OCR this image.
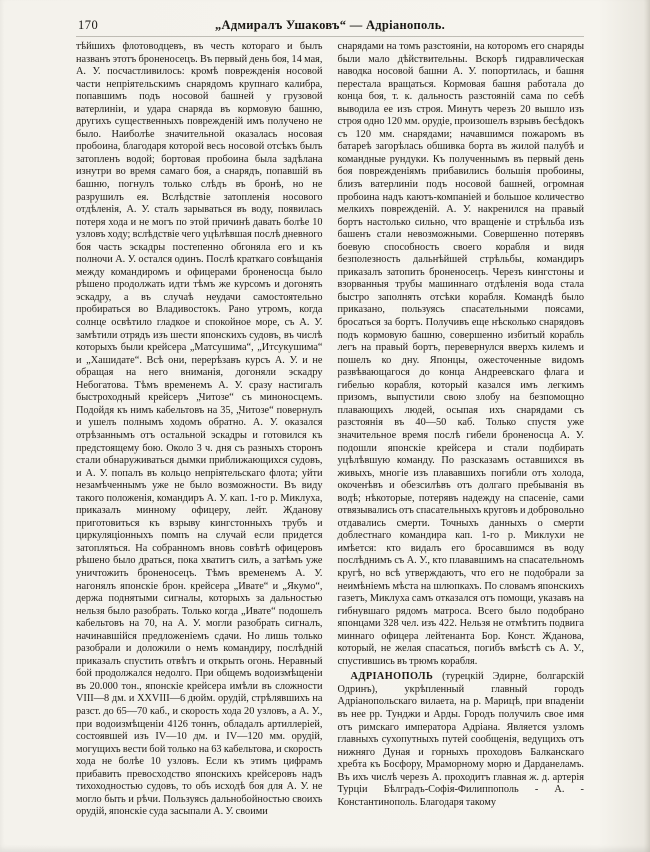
170	„Адмиралъ Ушаковъ“ — Адріанополь.

тѣйшихъ флотоводцевъ, въ честь котораго и былъ названъ этотъ броненосецъ. Въ первый день боя, 14 мая, А. У. посчастливилось: кромѣ поврежденія носовой части непріятельскимъ снарядомъ крупнаго калибра, попавшимъ подъ носовой башней у грузовой ватерлиніи, и удара снаряда въ кормовую башню, другихъ существенныхъ поврежденій имъ получено не было. Наиболѣе значительной оказалась носовая пробоина, благодаря которой весь носовой отсѣкъ былъ затопленъ водой; бортовая пробоина была задѣлана изнутри во время самаго боя, а снарядъ, попавшій въ башню, погнулъ только слѣдъ въ бронѣ, но не разрушилъ ея. Вслѣдствіе затопленія носового отдѣленія, А. У. сталъ зарываться въ воду, появилась потеря хода и не могъ по этой причинѣ давать болѣе 10 узловъ ходу; вслѣдствіе чего уцѣлѣвшая послѣ дневного боя часть эскадры постепенно обгоняла его и къ полночи А. У. остался одинъ. Послѣ краткаго совѣщанія между командиромъ и офицерами броненосца было рѣшено продолжать идти тѣмъ же курсомъ и догонять эскадру, а въ случаѣ неудачи самостоятельно пробираться во Владивостокъ. Рано утромъ, когда солнце освѣтило гладкое и спокойное море, съ А. У. замѣтили отрядъ изъ шести японскихъ судовъ, въ числѣ которыхъ были крейсера „Матсушима“, „Итсукушима“ и „Хашидате“. Всѣ они, перерѣзавъ курсъ А. У. и не обращая на него вниманія, догоняли эскадру Небогатова. Тѣмъ временемъ А. У. сразу настигалъ быстроходный крейсеръ „Читозе“ съ миноносцемъ. Подойдя къ нимъ кабельтовъ на 35, „Читозе“ повернулъ и ушелъ полнымъ ходомъ обратно. А. У. оказался отрѣзаннымъ отъ остальной эскадры и готовился къ предстоящему бою. Около 3 ч. дня съ разныхъ сторонъ стали обнаруживаться дымки приближающихся судовъ, и А. У. попалъ въ кольцо непріятельскаго флота; уйти незамѣченнымъ уже не было возможности. Въ виду такого положенія, командиръ А. У. кап. 1-го р. Миклуха, приказалъ минному офицеру, лейт. Жданову приготовиться къ взрыву кингстонныхъ трубъ и циркуляціонныхъ помпъ на случай если придется затопляться. На собранномъ вновь совѣтѣ офицеровъ рѣшено было драться, пока хватитъ силъ, а затѣмъ уже уничтожить броненосецъ. Тѣмъ временемъ А. У. нагонялъ японскіе брон. крейсера „Ивате“ и „Якумо“, держа поднятыми сигналы, которыхъ за дальностью нельзя было разобрать. Только когда „Ивате“ подошелъ кабельтовъ на 70, на А. У. могли разобрать сигналъ, начинавшійся предложеніемъ сдачи. Но лишь только разобрали и доложили о немъ командиру, послѣдній приказалъ спустить отвѣтъ и открыть огонь. Неравный бой продолжался недолго. При общемъ водоизмѣщеніи въ 20.000 тон., японскіе крейсера имѣли въ сложности VIII—8 дм. и XXVIII—6 дюйм. орудій, стрѣлявшихъ на разст. до 65—70 каб., и скорость хода 20 узловъ, а А. У., при водоизмѣщеніи 4126 тоннъ, обладалъ артиллеріей, состоявшей изъ IV—10 дм. и IV—120 мм. орудій, могущихъ вести бой только на 63 кабельтова, и скорость хода не болѣе 10 узловъ. Если къ этимъ цифрамъ прибавить превосходство японскихъ крейсеровъ надъ тихоходностью судовъ, то объ исходѣ боя для А. У. не могло быть и рѣчи. Пользуясь дальнобойностью своихъ орудій, японскіе суда засыпали А. У. своими

снарядами на томъ разстояніи, на которомъ его снаряды были мало дѣйствительны. Вскорѣ гидравлическая наводка носовой башни А. У. попортилась, и башня перестала вращаться. Кормовая башня работала до конца боя, т. к. дальность разстояній сама по себѣ выводила ее изъ строя. Минутъ черезъ 20 вышло изъ строя одно 120 мм. орудіе, произошелъ взрывъ бесѣдокъ съ 120 мм. снарядами; начавшимся пожаромъ въ батареѣ загорѣлась обшивка борта въ жилой палубѣ и командные рундуки. Къ полученнымъ въ первый день боя поврежденіямъ прибавились большія пробоины, близъ ватерлиніи подъ носовой башней, огромная пробоина надъ каютъ-компаніей и большое количество мелкихъ поврежденій. А. У. накренился на правый бортъ настолько сильно, что вращеніе и стрѣльба изъ башенъ стали невозможными. Совершенно потерявъ боевую способность своего корабля и видя безполезность дальнѣйшей стрѣльбы, командиръ приказалъ затопить броненосецъ. Черезъ кингстоны и взорванныя трубы машиннаго отдѣленія вода стала быстро заполнять отсѣки корабля. Командѣ было приказано, пользуясь спасательными поясами, бросаться за бортъ. Получивъ еще нѣсколько снарядовъ подъ кормовую башню, совершенно избитый корабль легъ на правый бортъ, перевернулся вверхъ килемъ и пошелъ ко дну. Японцы, ожесточенные видомъ развѣвающагося до конца Андреевскаго флага и гибелью корабля, который казался имъ легкимъ призомъ, выпустили свою злобу на безпомощно плавающихъ людей, осыпая ихъ снарядами съ разстоянія въ 40—50 каб. Только спустя уже значительное время послѣ гибели броненосца А. У. подошли японскіе крейсера и стали подбирать уцѣлѣвшую команду. По разсказамъ оставшихся въ живыхъ, многіе изъ плававшихъ погибли отъ холода, окоченѣвъ и обезсилѣвъ отъ долгаго пребыванія въ водѣ; нѣкоторые, потерявъ надежду на спасеніе, сами отвязывались отъ спасательныхъ круговъ и добровольно отдавались смерти. Точныхъ данныхъ о смерти доблестнаго командира кап. 1-го р. Миклухи не имѣется: кто видалъ его бросавшимся въ воду послѣднимъ съ А. У., кто плававшимъ на спасательномъ кругѣ, но всѣ утверждаютъ, что его не подобрали за неимѣніемъ мѣста на шлюпкахъ. По словамъ японскихъ газетъ, Миклуха самъ отказался отъ помощи, указавъ на гибнувшаго рядомъ матроса. Всего было подобрано японцами 328 чел. изъ 422. Нельзя не отмѣтить подвига миннаго офицера лейтенанта Бор. Конст. Жданова, который, не желая спасаться, погибъ вмѣстѣ съ А. У., спустившись въ трюмъ корабля.

АДРІАНОПОЛЬ (турецкій Эдирне, болгарскій Одринъ), укрѣпленный главный городъ Адріанопольскаго вилаета, на р. Марицѣ, при впаденіи въ нее рр. Тунджи и Арды. Городъ получилъ свое имя отъ римскаго императора Адріана. Является узломъ главныхъ сухопутныхъ путей сообщенія, ведущихъ отъ нижняго Дуная и горныхъ проходовъ Балканскаго хребта къ Босфору, Мраморному морю и Дарданеламъ. Въ ихъ числѣ черезъ А. проходитъ главная ж. д. артерія Турціи Бѣлградъ-Софія-Филиппополь - А. - Константинополь. Благодаря такому
